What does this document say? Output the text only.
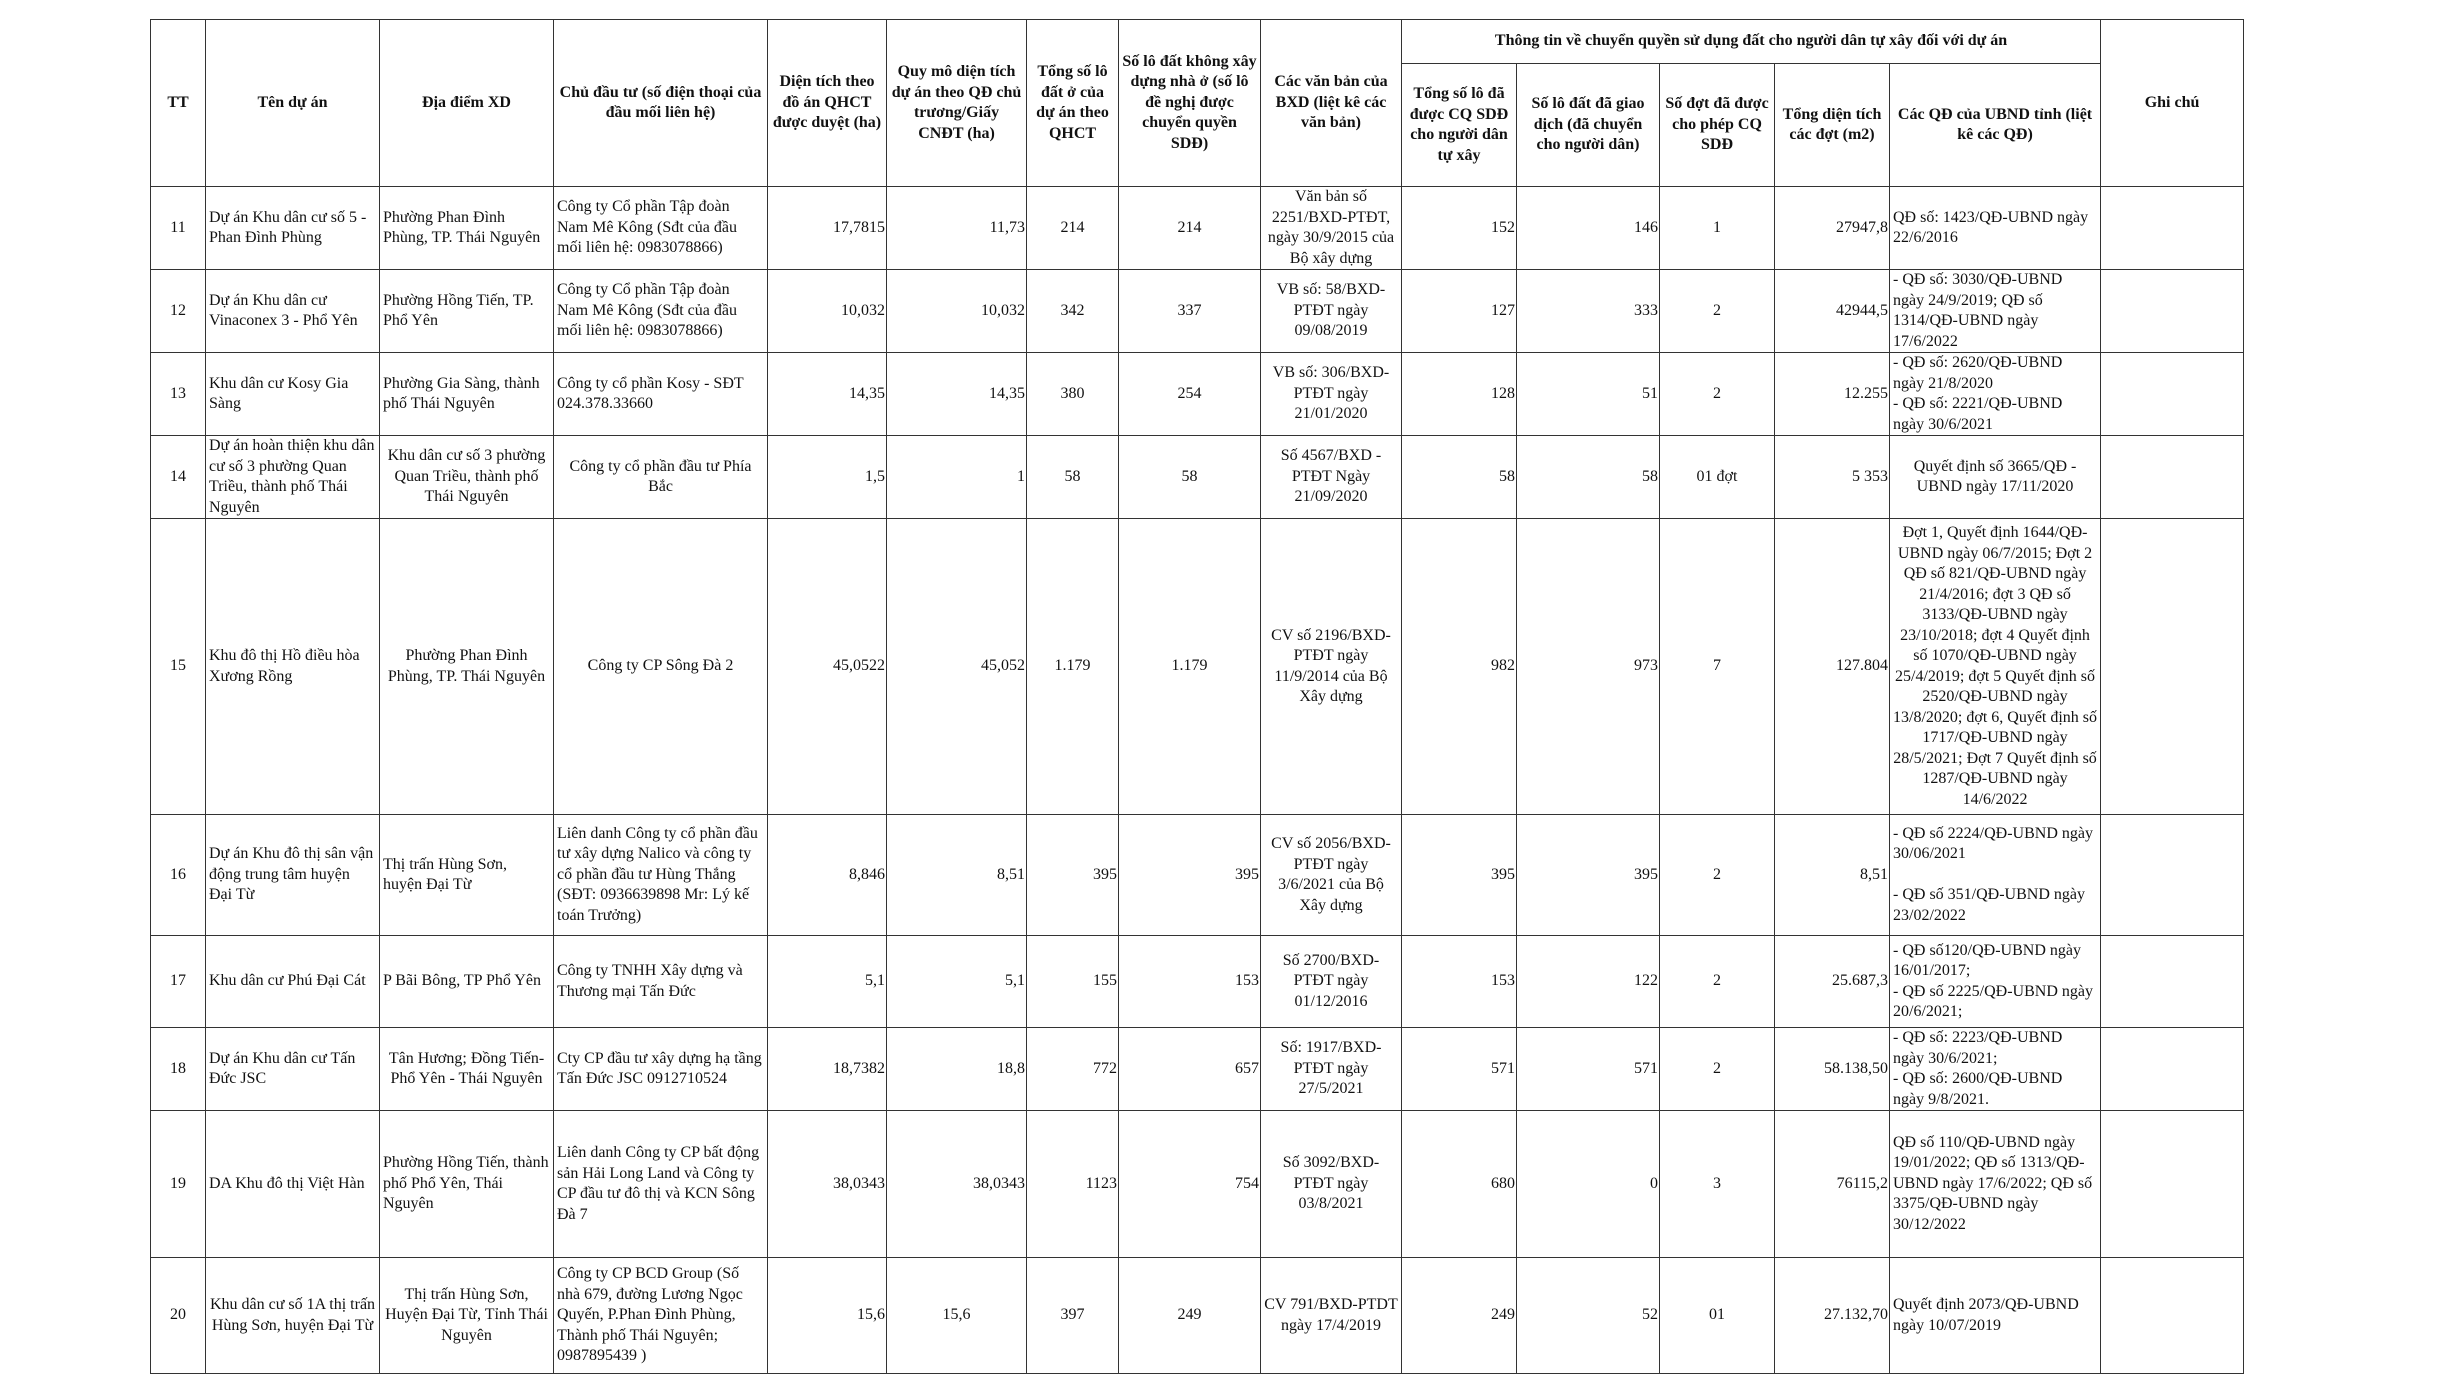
TT	Tên dự án	Địa điểm XD	Chủ đầu tư (số điện thoại của đầu mối liên hệ)	Diện tích theo đồ án QHCT được duyệt (ha)	Quy mô diện tích dự án theo QĐ chủ trương/Giấy CNĐT (ha)	Tổng số lô đất ở của dự án theo QHCT	Số lô đất không xây dựng nhà ở (số lô đề nghị được chuyển quyền SDĐ)	Các văn bản của BXD (liệt kê các văn bản)	Thông tin về chuyển quyền sử dụng đất cho người dân tự xây đối với dự án					Ghi chú
									Tổng số lô đã được CQ SDĐ cho người dân tự xây	Số lô đất đã giao dịch (đã chuyển cho người dân)	Số đợt đã được cho phép CQ SDĐ	Tổng diện tích các đợt (m2)	Các QĐ của UBND tỉnh (liệt kê các QĐ)	
11	Dự án Khu dân cư số 5 - Phan Đình Phùng	Phường Phan Đình Phùng, TP. Thái Nguyên	Công ty Cổ phần Tập đoàn Nam Mê Kông (Sđt của đầu mối liên hệ: 0983078866)	17,7815	11,73	214	214	Văn bản số 2251/BXD-PTĐT, ngày 30/9/2015 của Bộ xây dựng	152	146	1	27947,8	QĐ số: 1423/QĐ-UBND ngày 22/6/2016	
12	Dự án Khu dân cư Vinaconex 3 - Phổ Yên	Phường Hồng Tiến, TP. Phổ Yên	Công ty Cổ phần Tập đoàn Nam Mê Kông (Sđt của đầu mối liên hệ: 0983078866)	10,032	10,032	342	337	VB số: 58/BXD-PTĐT ngày 09/08/2019	127	333	2	42944,5	- QĐ số: 3030/QĐ-UBND ngày 24/9/2019; QĐ số 1314/QĐ-UBND ngày 17/6/2022	
13	Khu dân cư Kosy Gia Sàng	Phường Gia Sàng, thành phố Thái Nguyên	Công ty cổ phần Kosy - SĐT 024.378.33660	14,35	14,35	380	254	VB số: 306/BXD-PTĐT ngày 21/01/2020	128	51	2	12.255	- QĐ số: 2620/QĐ-UBND ngày 21/8/2020
- QĐ số: 2221/QĐ-UBND ngày 30/6/2021	
14	Dự án hoàn thiện khu dân cư số 3 phường Quan Triều, thành phố Thái Nguyên	Khu dân cư số 3 phường Quan Triều, thành phố Thái Nguyên	Công ty cổ phần đầu tư Phía Bắc	1,5	1	58	58	Số 4567/BXD - PTĐT Ngày 21/09/2020	58	58	01 đợt	5 353	Quyết định số 3665/QĐ - UBND ngày 17/11/2020	
15	Khu đô thị Hồ điều hòa Xương Rồng	Phường Phan Đình Phùng, TP. Thái Nguyên	Công ty CP Sông Đà 2	45,0522	45,052	1.179	1.179	CV số 2196/BXD-PTĐT ngày 11/9/2014 của Bộ Xây dựng	982	973	7	127.804	Đợt 1, Quyết định 1644/QĐ-UBND ngày 06/7/2015; Đợt 2 QĐ số 821/QĐ-UBND ngày 21/4/2016; đợt 3 QĐ số 3133/QĐ-UBND ngày 23/10/2018; đợt 4 Quyết định số 1070/QĐ-UBND ngày 25/4/2019; đợt 5 Quyết định số 2520/QĐ-UBND ngày 13/8/2020; đợt 6, Quyết định số 1717/QĐ-UBND ngày 28/5/2021; Đợt 7 Quyết định số 1287/QĐ-UBND ngày 14/6/2022	
16	Dự án Khu đô thị sân vận động trung tâm huyện Đại Từ	Thị trấn Hùng Sơn, huyện Đại Từ	Liên danh Công ty cổ phần đầu tư xây dựng Nalico và công ty cổ phần đầu tư Hùng Thắng (SĐT: 0936639898 Mr: Lý kế toán Trưởng)	8,846	8,51	395	395	CV số 2056/BXD-PTĐT ngày 3/6/2021 của Bộ Xây dựng	395	395	2	8,51	- QĐ số 2224/QĐ-UBND ngày 30/06/2021

- QĐ số 351/QĐ-UBND ngày 23/02/2022	
17	Khu dân cư Phú Đại Cát	P Bãi Bông, TP Phổ Yên	Công ty TNHH Xây dựng và Thương mại Tấn Đức	5,1	5,1	155	153	Số 2700/BXD-PTĐT ngày 01/12/2016	153	122	2	25.687,3	- QĐ số120/QĐ-UBND ngày 16/01/2017;
- QĐ số 2225/QĐ-UBND ngày 20/6/2021;	
18	Dự án Khu dân cư Tấn Đức JSC	Tân Hương; Đồng Tiến- Phổ Yên - Thái Nguyên	Cty CP đầu tư xây dựng hạ tầng Tấn Đức JSC 0912710524	18,7382	18,8	772	657	Số: 1917/BXD-PTĐT ngày 27/5/2021	571	571	2	58.138,50	- QĐ số: 2223/QĐ-UBND ngày 30/6/2021;
- QĐ số: 2600/QĐ-UBND ngày 9/8/2021.	
19	DA Khu đô thị Việt Hàn	Phường Hồng Tiến, thành phố Phổ Yên, Thái Nguyên	Liên danh Công ty CP bất động sản Hải Long Land và Công ty CP đầu tư đô thị và KCN Sông Đà 7	38,0343	38,0343	1123	754	Số 3092/BXD-PTĐT ngày 03/8/2021	680	0	3	76115,2	QĐ số 110/QĐ-UBND ngày 19/01/2022; QĐ số 1313/QĐ-UBND ngày 17/6/2022; QĐ số 3375/QĐ-UBND ngày 30/12/2022	
20	Khu dân cư số 1A thị trấn Hùng Sơn, huyện Đại Từ	Thị trấn Hùng Sơn, Huyện Đại Từ, Tỉnh Thái Nguyên	Công ty CP BCD Group (Số nhà 679, đường Lương Ngọc Quyến, P.Phan Đình Phùng, Thành phố Thái Nguyên; 0987895439 )	15,6	15,6	397	249	CV 791/BXD-PTDT ngày 17/4/2019	249	52	01	27.132,70	Quyết định 2073/QĐ-UBND ngày 10/07/2019	
